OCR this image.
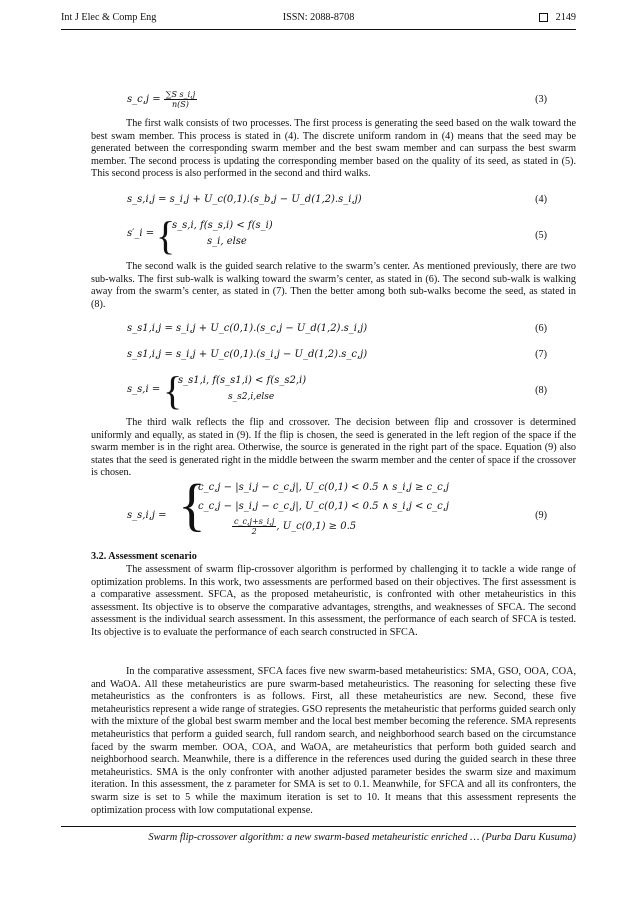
Int J Elec & Comp Eng	ISSN: 2088-8708	2149
s_c,j = $\frac{\text{∑S s\_i,j}}{n(S)}$	(3)
The first walk consists of two processes. The first process is generating the seed based on the walk toward the best swam member. This process is stated in (4). The discrete uniform random in (4) means that the seed may be generated between the corresponding swarm member and the best swam member and can surpass the best swarm member. The second process is updating the corresponding member based on the quality of its seed, as stated in (5). This second process is also performed in the second and third walks.
s_s,i,j = s_i,j + U_c(0,1).(s_b,j − U_d(1,2).s_i,j)	(4)
s′_i = {
s_s,i, f(s_s,i) < f(s_i)
s_i, else
(5)
The second walk is the guided search relative to the swarm’s center. As mentioned previously, there are two sub-walks. The first sub-walk is walking toward the swarm’s center, as stated in (6). The second sub-walk is walking away from the swarm’s center, as stated in (7). Then the better among both sub-walks become the seed, as stated in (8).
s_s1,i,j = s_i,j + U_c(0,1).(s_c,j − U_d(1,2).s_i,j)	(6)
s_s1,i,j = s_i,j + U_c(0,1).(s_i,j − U_d(1,2).s_c,j)	(7)
s_s,i = {
s_s1,i, f(s_s1,i) < f(s_s2,i)
s_s2,i,else
(8)
The third walk reflects the flip and crossover. The decision between flip and crossover is determined uniformly and equally, as stated in (9). If the flip is chosen, the seed is generated in the left region of the space if the swarm member is in the right area. Otherwise, the source is generated in the right part of the space. Equation (9) also states that the seed is generated right in the middle between the swarm member and the center of space if the crossover is chosen.
s_s,i,j = {
c_c,j − |s_i,j − c_c,j|, U_c(0,1) < 0.5 ∧ s_i,j ≥ c_c,j
c_c,j − |s_i,j − c_c,j|, U_c(0,1) < 0.5 ∧ s_i,j < c_c,j
$\frac{c\_c,j+s\_i,j}{2}$ , U_c(0,1) ≥ 0.5
(9)
3.2. Assessment scenario
The assessment of swarm flip-crossover algorithm is performed by challenging it to tackle a wide range of optimization problems. In this work, two assessments are performed based on their objectives. The first assessment is a comparative assessment. SFCA, as the proposed metaheuristic, is confronted with other metaheuristics in this assessment. Its objective is to observe the comparative advantages, strengths, and weaknesses of SFCA. The second assessment is the individual search assessment. In this assessment, the performance of each search of SFCA is tested. Its objective is to evaluate the performance of each search constructed in SFCA.
In the comparative assessment, SFCA faces five new swarm-based metaheuristics: SMA, GSO, OOA, COA, and WaOA. All these metaheuristics are pure swarm-based metaheuristics. The reasoning for selecting these five metaheuristics as the confronters is as follows. First, all these metaheuristics are new. Second, these five metaheuristics represent a wide range of strategies. GSO represents the metaheuristic that performs guided search only with the mixture of the global best swarm member and the local best member becoming the reference. SMA represents metaheuristics that perform a guided search, full random search, and neighborhood search based on the circumstance faced by the swarm member. OOA, COA, and WaOA, are metaheuristics that perform both guided search and neighborhood search. Meanwhile, there is a difference in the references used during the guided search in these three metaheuristics. SMA is the only confronter with another adjusted parameter besides the swarm size and maximum iteration. In this assessment, the z parameter for SMA is set to 0.1. Meanwhile, for SFCA and all its confronters, the swarm size is set to 5 while the maximum iteration is set to 10. It means that this assessment represents the optimization process with low computational expense.
Swarm flip-crossover algorithm: a new swarm-based metaheuristic enriched … (Purba Daru Kusuma)
